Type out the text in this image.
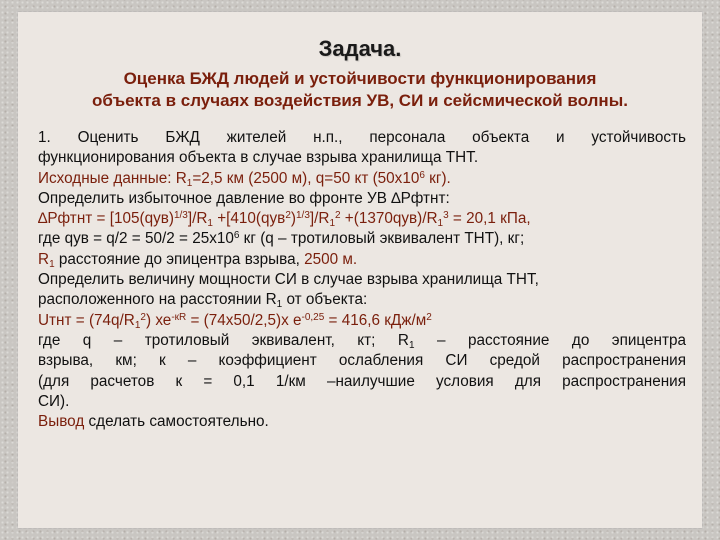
Задача.
Оценка БЖД людей и устойчивости функционирования
объекта в случаях воздействия УВ, СИ и сейсмической волны.
1. Оценить БЖД жителей н.п., персонала объекта и устойчивость
функционирования объекта в случае взрыва хранилища ТНТ.
Исходные данные: $R_1=2,5$ км (2500 м), q=50 кт ($50х10^6$ кг).
Определить избыточное давление во фронте УВ ∆Рфтнт:
∆Рфтнт = $[105(qув)^{1/3}]/R_1 +[410(qув^2)^{1/3}]/R_1^2 +(1370qув)/R_1^3 = 20,1$ кПа,
где qув = $q/2 = 50/2 = 25х10^6$ кг (q – тротиловый эквивалент ТНТ), кг;
$R_1$ расстояние до эпицентра взрыва, 2500 м.
Определить величину мощности СИ в случае взрыва хранилища ТНТ,
расположенного на расстоянии $R_1$ от объекта:
Uтнт = $(74q/R_1^2) хе^{-кR} = (74х50/2,5)х$ $е^{-0,25} = 416,6$ кДж/$м^2$
где q – тротиловый эквивалент, кт; $R_1$ – расстояние до эпицентра
взрыва, км; к – коэффициент ослабления СИ средой распространения
(для расчетов к = 0,1 1/км –наилучшие условия для распространения
СИ).
Вывод сделать самостоятельно.
